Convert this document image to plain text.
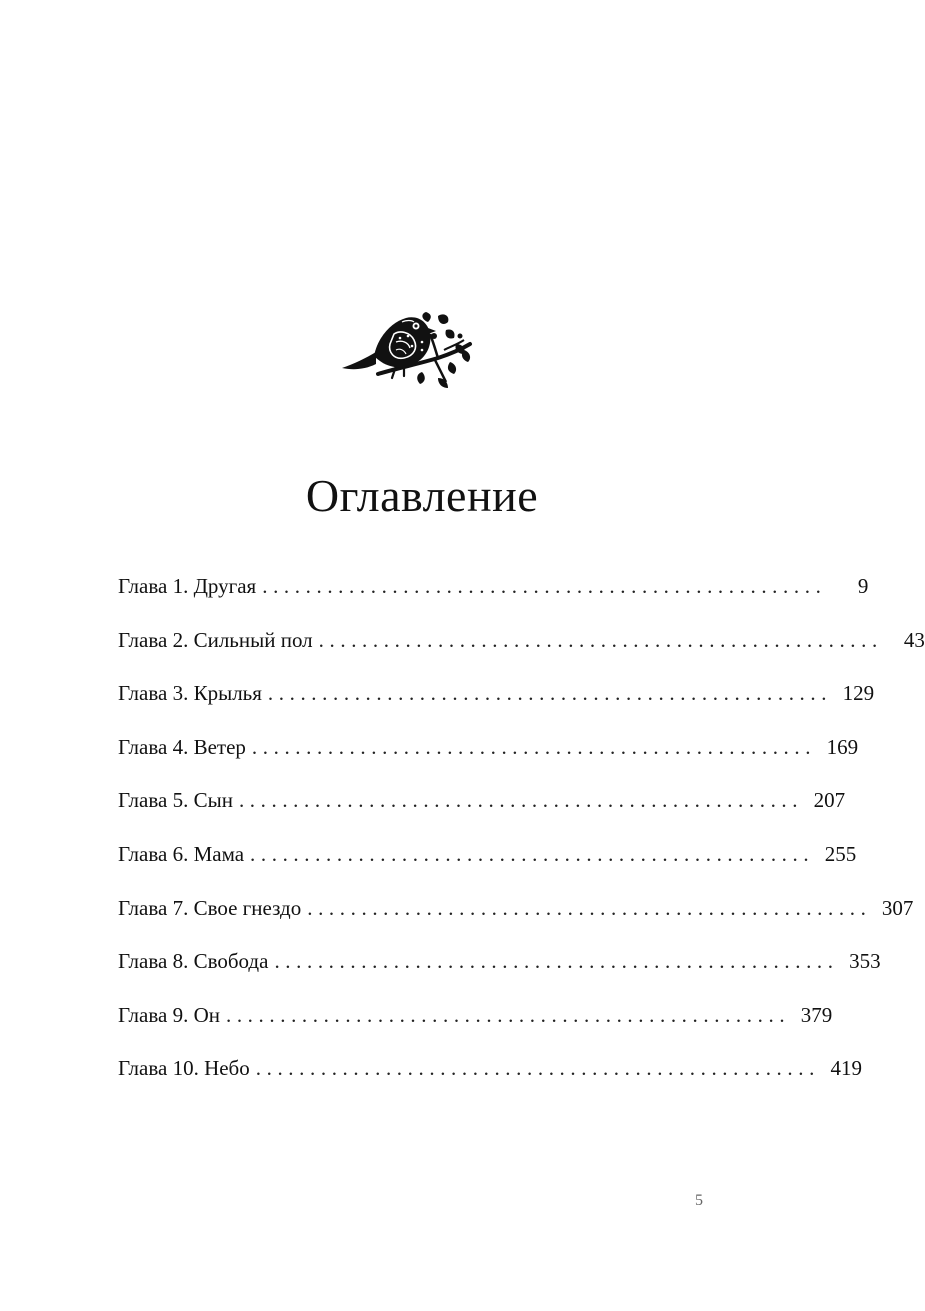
Оглавление
Глава 1. Другая ....................................................	9
Глава 2. Сильный пол ....................................................	43
Глава 3. Крылья .................................................... 129
Глава 4. Ветер .................................................... 169
Глава 5. Сын .................................................... 207
Глава 6. Мама .................................................... 255
Глава 7. Свое гнездо .................................................... 307
Глава 8. Свобода .................................................... 353
Глава 9. Он .................................................... 379
Глава 10. Небо .................................................... 419
5
